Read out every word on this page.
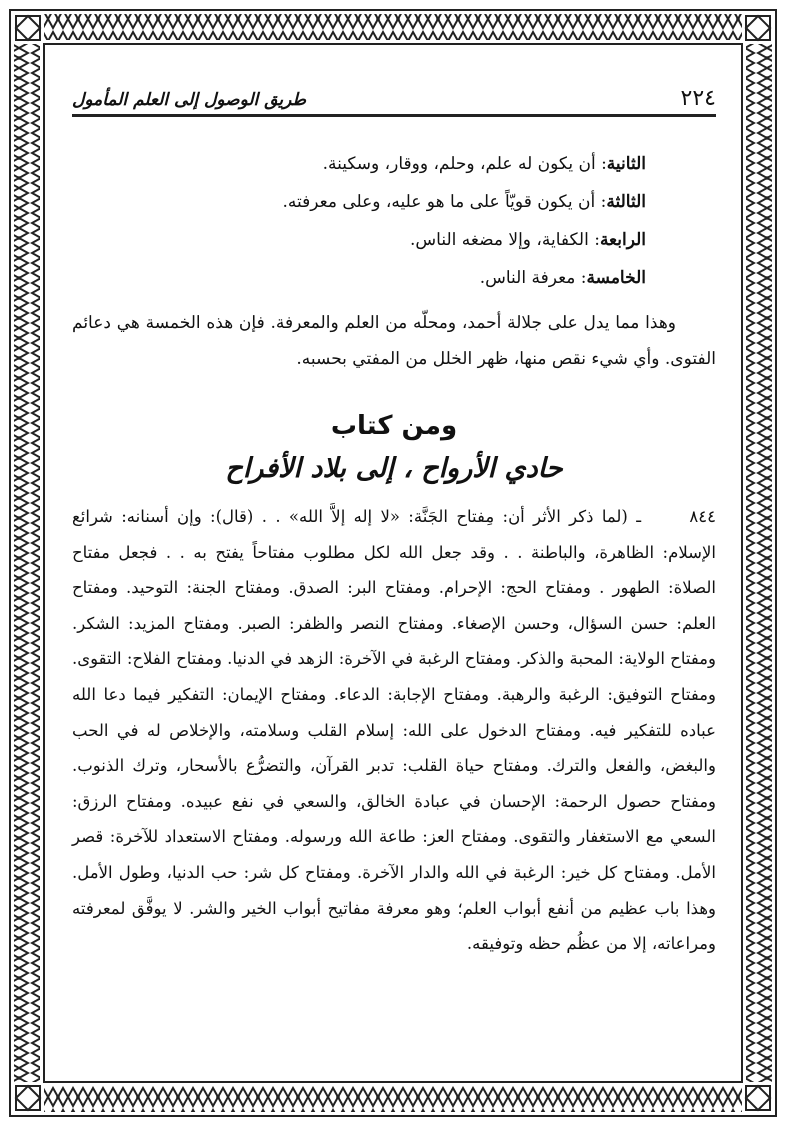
٢٢٤
طريق الوصول إلى العلم المأمول

الثانية: أن يكون له علم، وحلم، ووقار، وسكينة.

الثالثة: أن يكون قويّاً على ما هو عليه، وعلى معرفته.

الرابعة: الكفاية، وإلا مضغه الناس.

الخامسة: معرفة الناس.

وهذا مما يدل على جلالة أحمد، ومحلّه من العلم والمعرفة. فإن هذه الخمسة هي دعائم الفتوى. وأي شيء نقص منها، ظهر الخلل من المفتي بحسبه.

ومن كتاب
حادي الأرواح ، إلى بلاد الأفراح

٨٤٤ ـ (لما ذكر الأثر أن: مِفتاح الجَنَّة: «لا إله إلاَّ الله» . . (قال): وإن أسنانه: شرائع الإسلام: الظاهرة، والباطنة . . وقد جعل الله لكل مطلوب مفتاحاً يفتح به . . فجعل مفتاح الصلاة: الطهور . ومفتاح الحج: الإحرام. ومفتاح البر: الصدق. ومفتاح الجنة: التوحيد. ومفتاح العلم: حسن السؤال، وحسن الإصغاء. ومفتاح النصر والظفر: الصبر. ومفتاح المزيد: الشكر. ومفتاح الولاية: المحبة والذكر. ومفتاح الرغبة في الآخرة: الزهد في الدنيا. ومفتاح الفلاح: التقوى. ومفتاح التوفيق: الرغبة والرهبة. ومفتاح الإجابة: الدعاء. ومفتاح الإيمان: التفكير فيما دعا الله عباده للتفكير فيه. ومفتاح الدخول على الله: إسلام القلب وسلامته، والإخلاص له في الحب والبغض، والفعل والترك. ومفتاح حياة القلب: تدبر القرآن، والتضرُّع بالأسحار، وترك الذنوب. ومفتاح حصول الرحمة: الإحسان في عبادة الخالق، والسعي في نفع عبيده. ومفتاح الرزق: السعي مع الاستغفار والتقوى. ومفتاح العز: طاعة الله ورسوله. ومفتاح الاستعداد للآخرة: قصر الأمل. ومفتاح كل خير: الرغبة في الله والدار الآخرة. ومفتاح كل شر: حب الدنيا، وطول الأمل. وهذا باب عظيم من أنفع أبواب العلم؛ وهو معرفة مفاتيح أبواب الخير والشر. لا يوفَّق لمعرفته ومراعاته، إلا من عظُم حظه وتوفيقه.
